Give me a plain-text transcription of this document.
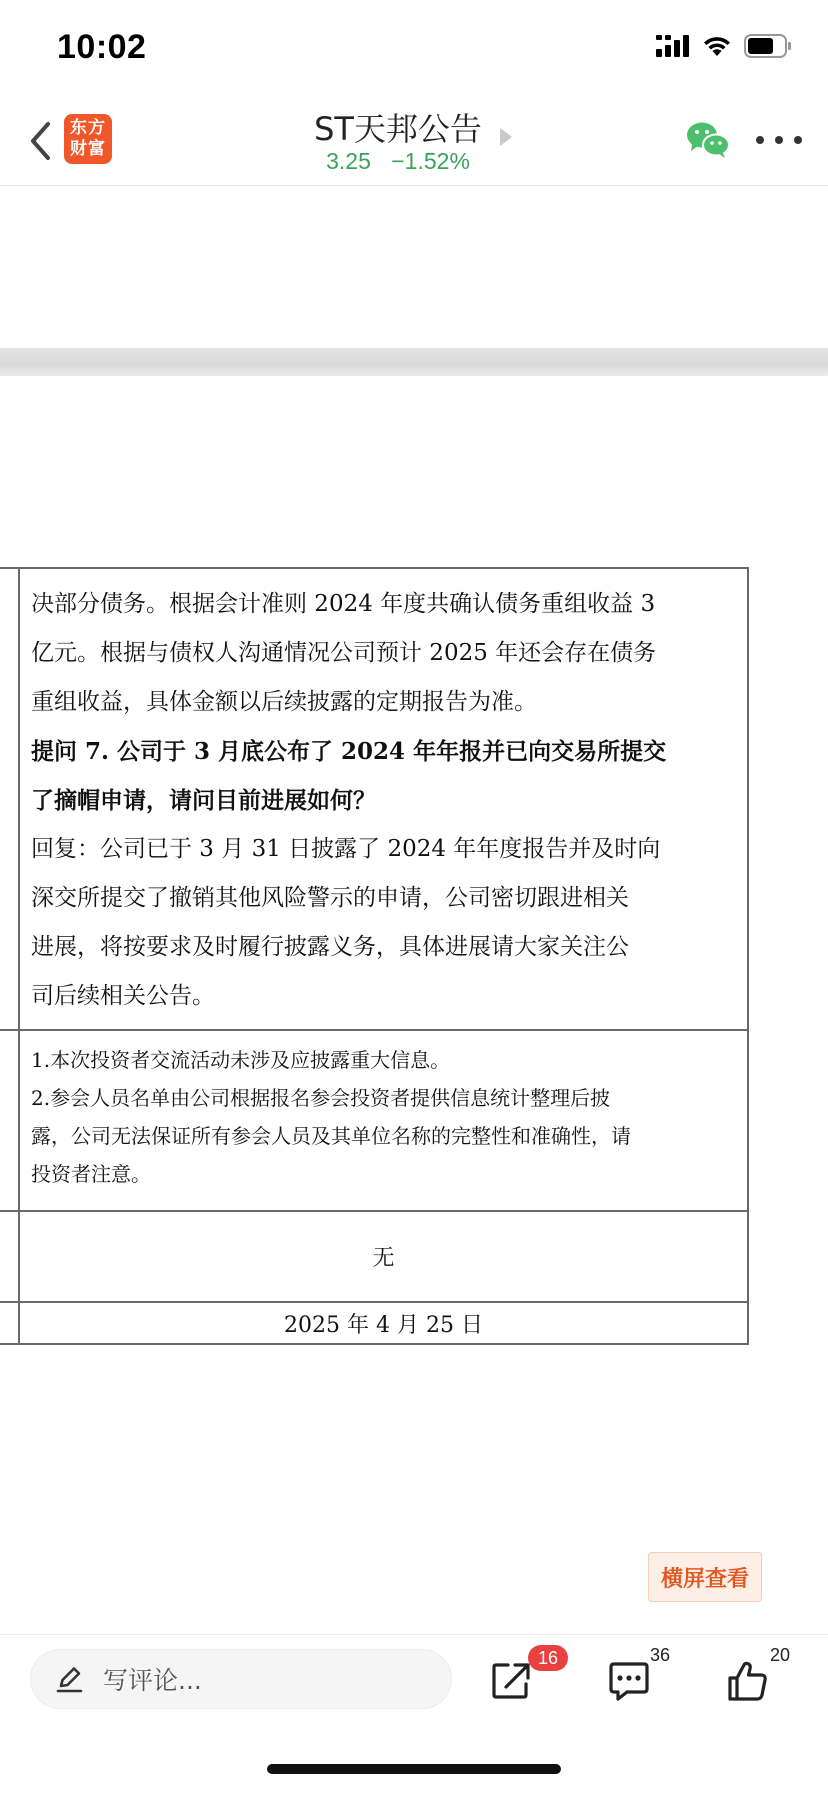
10:02
东方
财富
ST天邦公告
3.25 −1.52%

决部分债务。根据会计准则 2024 年度共确认债务重组收益 3

亿元。根据与债权人沟通情况公司预计 2025 年还会存在债务

重组收益，具体金额以后续披露的定期报告为准。

提问 7. 公司于 3 月底公布了 2024 年年报并已向交易所提交

了摘帽申请，请问目前进展如何？

回复：公司已于 3 月 31 日披露了 2024 年年度报告并及时向

深交所提交了撤销其他风险警示的申请，公司密切跟进相关

进展，将按要求及时履行披露义务，具体进展请大家关注公

司后续相关公告。

1.本次投资者交流活动未涉及应披露重大信息。

2.参会人员名单由公司根据报名参会投资者提供信息统计整理后披

露，公司无法保证所有参会人员及其单位名称的完整性和准确性，请

投资者注意。

无
2025 年 4 月 25 日
横屏查看
写评论...
16	36	20
